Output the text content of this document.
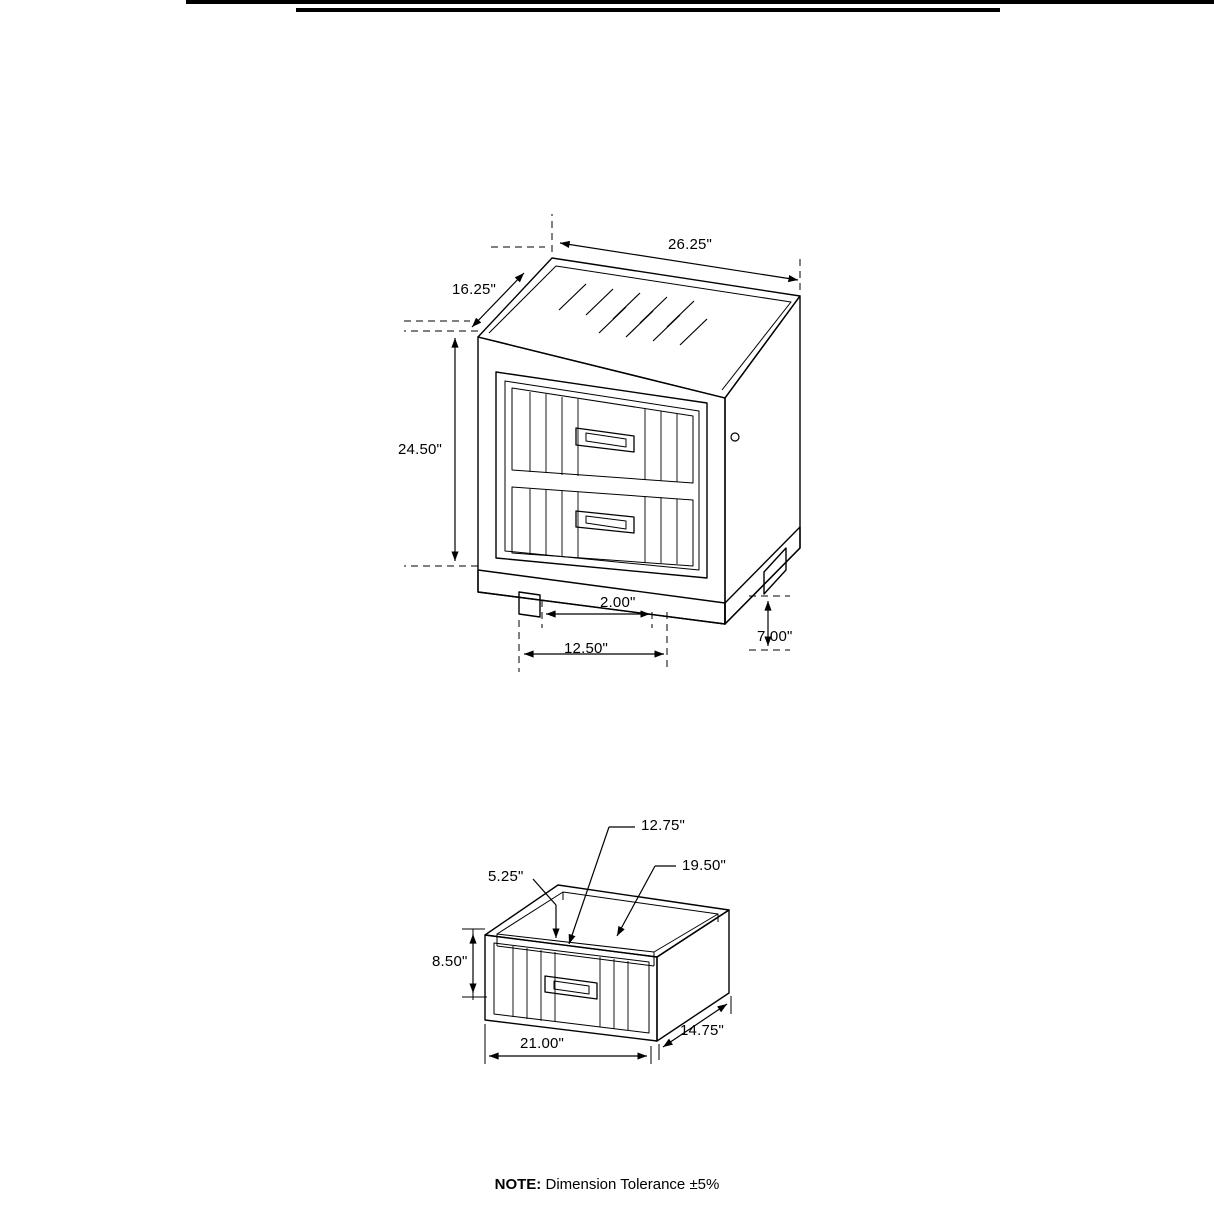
26.25"
16.25"
24.50"
2.00"
12.50"
7.00"
12.75"
19.50"
5.25"
8.50"
21.00"
14.75"
NOTE: Dimension Tolerance ±5%
